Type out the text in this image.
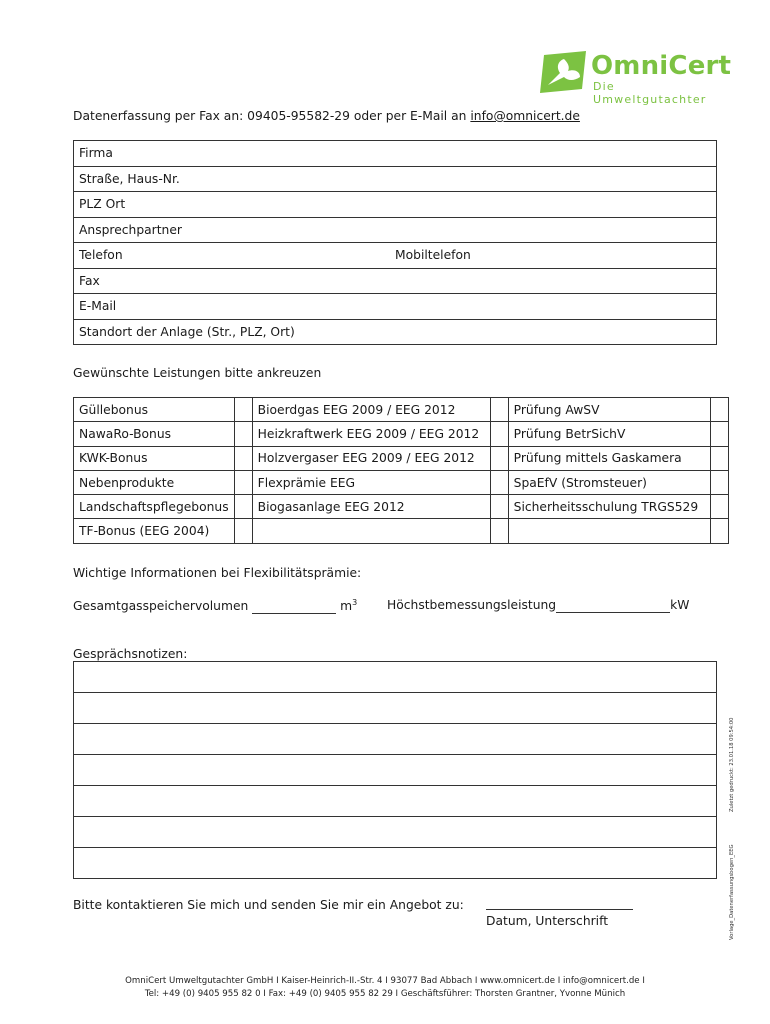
OmniCert
Die Umweltgutachter
Datenerfassung per Fax an: 09405-95582-29 oder per E-Mail an info@omnicert.de
Firma
Straße, Haus-Nr.
PLZ Ort
Ansprechpartner
Telefon	Mobiltelefon

Fax
E-Mail
Standort der Anlage (Str., PLZ, Ort)
Gewünschte Leistungen bitte ankreuzen
Güllebonus		Bioerdgas EEG 2009 / EEG 2012		Prüfung AwSV	
NawaRo-Bonus		Heizkraftwerk EEG 2009 / EEG 2012		Prüfung BetrSichV	
KWK-Bonus		Holzvergaser EEG 2009 / EEG 2012		Prüfung mittels Gaskamera	
Nebenprodukte		Flexprämie EEG		SpaEfV (Stromsteuer)	
Landschaftspflegebonus		Biogasanlage EEG 2012		Sicherheitsschulung TRGS529	
TF-Bonus (EEG 2004)					
Wichtige Informationen bei Flexibilitätsprämie:
Gesamtgasspeichervolumen	$m^3$ Höchstbemessungsleistung	kW
Gesprächsnotizen:

Bitte kontaktieren Sie mich und senden Sie mir ein Angebot zu:
Datum, Unterschrift
Zuletzt gedruckt: 23.01.18 09:54:00
Vorlage_Datenerfassungsbogen_EEG
OmniCert Umweltgutachter GmbH I Kaiser-Heinrich-II.-Str. 4 I 93077 Bad Abbach I www.omnicert.de I info@omnicert.de I
Tel: +49 (0) 9405 955 82 0 I Fax: +49 (0) 9405 955 82 29 I Geschäftsführer: Thorsten Grantner, Yvonne Münich
